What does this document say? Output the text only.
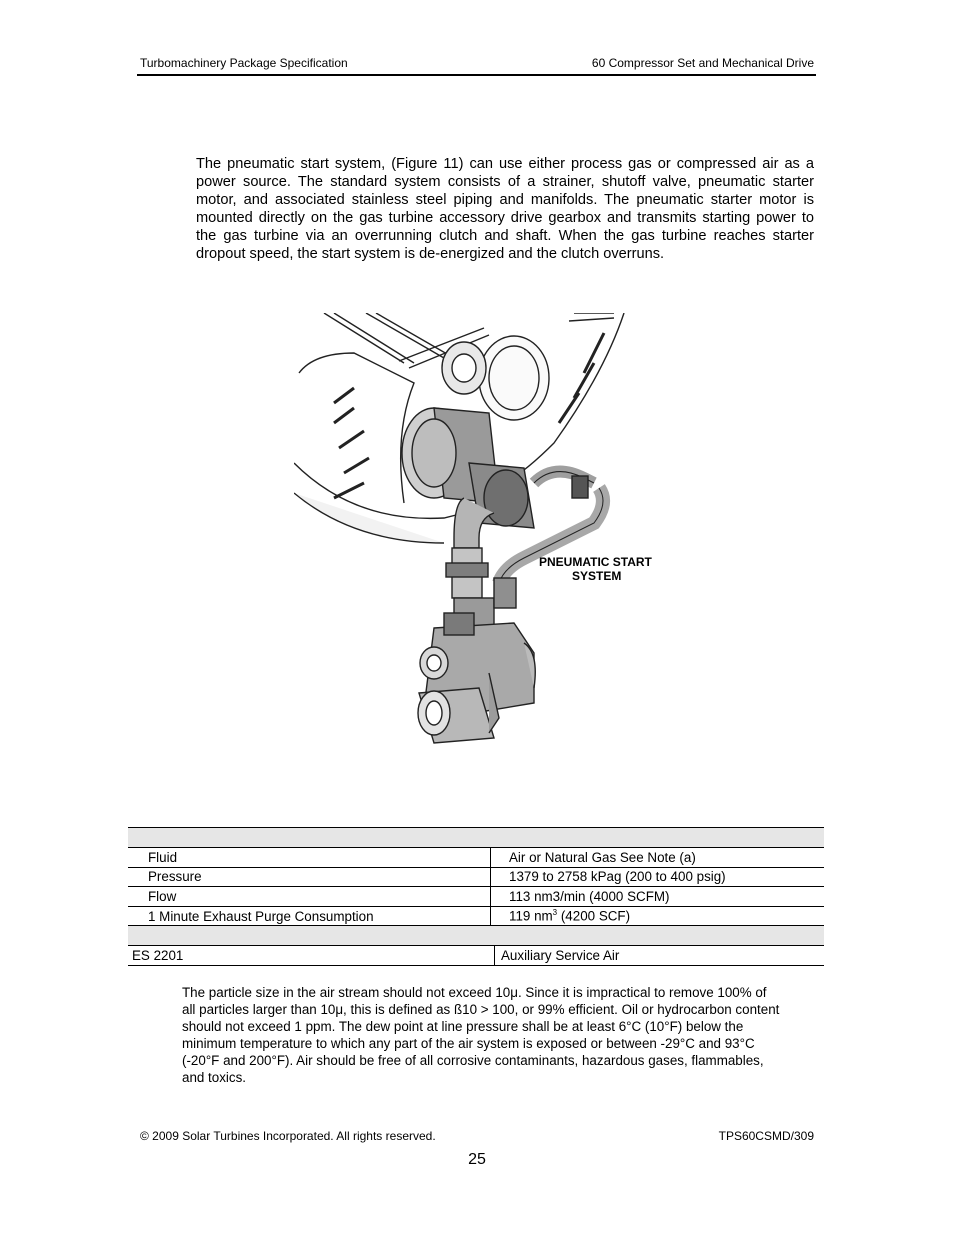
Turbomachinery Package Specification	60 Compressor Set and Mechanical Drive
The pneumatic start system, (Figure 11) can use either process gas or compressed air as a power source. The standard system consists of a strainer, shutoff valve, pneumatic starter motor, and associated stainless steel piping and manifolds. The pneumatic starter motor is mounted directly on the gas turbine accessory drive gearbox and transmits starting power to the gas turbine via an overrunning clutch and shaft. When the gas turbine reaches starter dropout speed, the start system is de-energized and the clutch overruns.
PNEUMATIC START
SYSTEM

Fluid	Air or Natural Gas See Note (a)
Pressure	1379 to 2758 kPag (200 to 400 psig)
Flow	113 nm3/min (4000 SCFM)
1 Minute Exhaust Purge Consumption	119 $nm^3$ (4200 SCF)

ES 2201	Auxiliary Service Air
The particle size in the air stream should not exceed 10μ. Since it is impractical to remove 100% of all particles larger than 10μ, this is defined as ß10 > 100, or 99% efficient. Oil or hydrocarbon content should not exceed 1 ppm. The dew point at line pressure shall be at least 6°C (10°F) below the minimum temperature to which any part of the air system is exposed or between -29°C and 93°C (-20°F and 200°F). Air should be free of all corrosive contaminants, hazardous gases, flammables, and toxics.
© 2009 Solar Turbines Incorporated. All rights reserved.	TPS60CSMD/309
25
